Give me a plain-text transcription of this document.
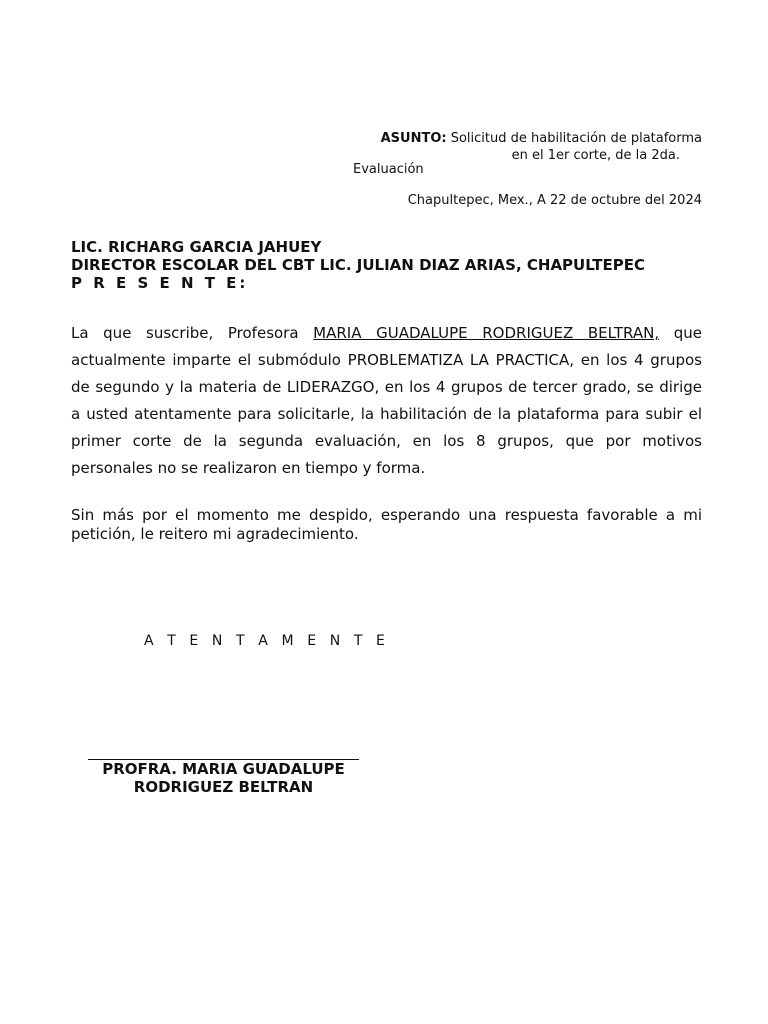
ASUNTO: Solicitud de habilitación de plataforma
en el 1er corte, de la 2da.
Evaluación
Chapultepec, Mex., A 22 de octubre del 2024
LIC. RICHARG GARCIA JAHUEY
DIRECTOR ESCOLAR DEL CBT LIC. JULIAN DIAZ ARIAS, CHAPULTEPEC
P R E S E N T E:

La que suscribe, Profesora MARIA GUADALUPE RODRIGUEZ BELTRAN, que actualmente imparte el submódulo PROBLEMATIZA LA PRACTICA, en los 4 grupos de segundo y la materia de LIDERAZGO, en los 4 grupos de tercer grado, se dirige a usted atentamente para solicitarle, la habilitación de la plataforma para subir el primer corte de la segunda evaluación, en los 8 grupos, que por motivos personales no se realizaron en tiempo y forma.

Sin más por el momento me despido, esperando una respuesta favorable a mi petición, le reitero mi agradecimiento.

A T E N T A M E N T E
PROFRA. MARIA GUADALUPE
RODRIGUEZ BELTRAN
